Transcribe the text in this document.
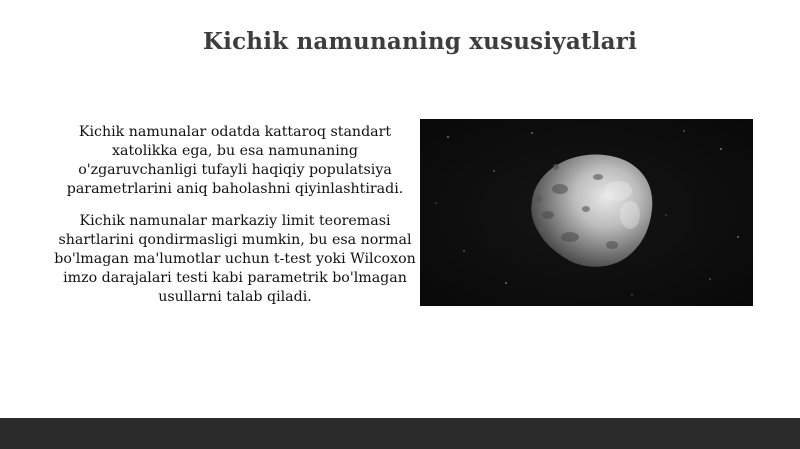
Kichik namunaning xususiyatlari

Kichik namunalar odatda kattaroq standart xatolikka ega, bu esa namunaning o'zgaruvchanligi tufayli haqiqiy populatsiya parametrlarini aniq baholashni qiyinlashtiradi.

Kichik namunalar markaziy limit teoremasi shartlarini qondirmasligi mumkin, bu esa normal bo'lmagan ma'lumotlar uchun t-test yoki Wilcoxon imzo darajalari testi kabi parametrik bo'lmagan usullarni talab qiladi.
